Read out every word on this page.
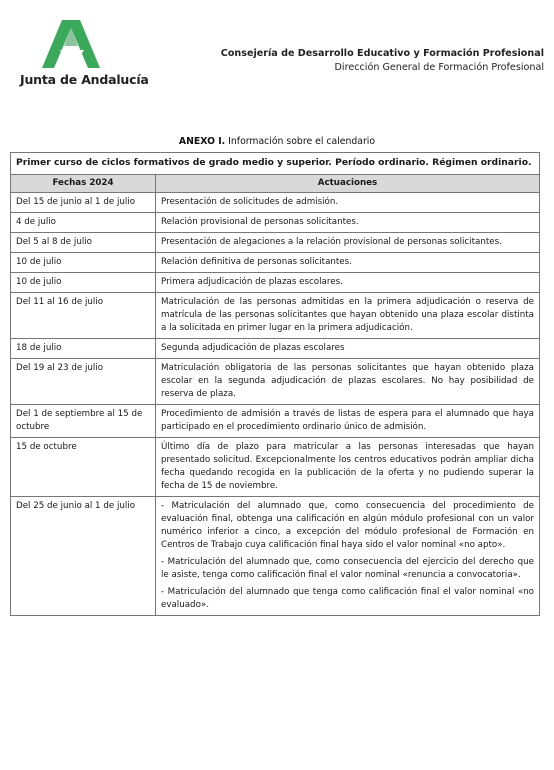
Junta de Andalucía
Consejería de Desarrollo Educativo y Formación Profesional
Dirección General de Formación Profesional
ANEXO I. Información sobre el calendario
Primer curso de ciclos formativos de grado medio y superior. Período ordinario. Régimen ordinario.	
Fechas 2024	Actuaciones
Del 15 de junio al 1 de julio	Presentación de solicitudes de admisión.

4 de julio	Relación provisional de personas solicitantes.

Del 5 al 8 de julio	Presentación de alegaciones a la relación provisional de personas solicitantes.

10 de julio	Relación definitiva de personas solicitantes.

10 de julio	Primera adjudicación de plazas escolares.

Del 11 al 16 de julio	Matriculación de las personas admitidas en la primera adjudicación o reserva de matrícula de las personas solicitantes que hayan obtenido una plaza escolar distinta a la solicitada en primer lugar en la primera adjudicación.

18 de julio	Segunda adjudicación de plazas escolares

Del 19 al 23 de julio	Matriculación obligatoria de las personas solicitantes que hayan obtenido plaza escolar en la segunda adjudicación de plazas escolares. No hay posibilidad de reserva de plaza.

Del 1 de septiembre al 15 de octubre	Procedimiento de admisión a través de listas de espera para el alumnado que haya participado en el procedimiento ordinario único de admisión.

15 de octubre	Último día de plazo para matricular a las personas interesadas que hayan presentado solicitud. Excepcionalmente los centros educativos podrán ampliar dicha fecha quedando recogida en la publicación de la oferta y no pudiendo superar la fecha de 15 de noviembre.

Del 25 de junio al 1 de julio	- Matriculación del alumnado que, como consecuencia del procedimiento de evaluación final, obtenga una calificación en algún módulo profesional con un valor numérico inferior a cinco, a excepción del módulo profesional de Formación en Centros de Trabajo cuya calificación final haya sido el valor nominal «no apto».
- Matriculación del alumnado que, como consecuencia del ejercicio del derecho que le asiste, tenga como calificación final el valor nominal «renuncia a convocatoria».
- Matriculación del alumnado que tenga como calificación final el valor nominal «no evaluado».
